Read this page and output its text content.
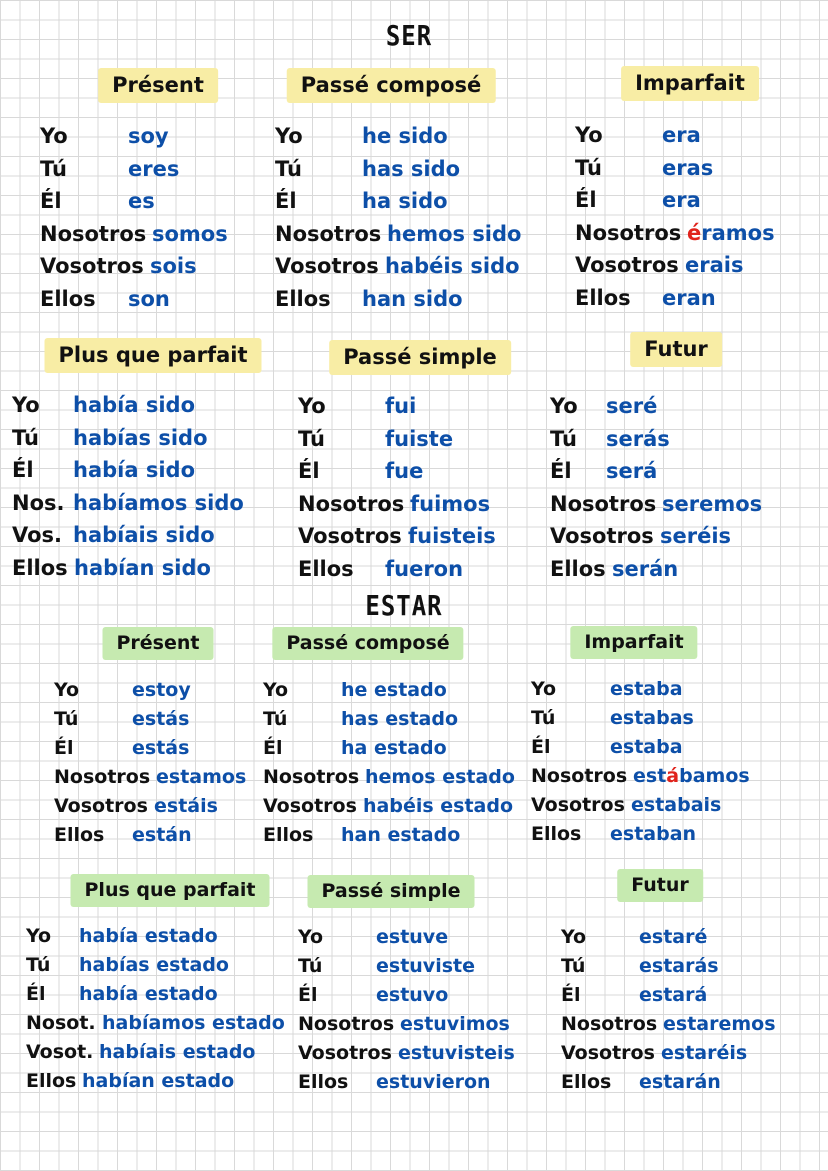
SER
Présent
Yo	soy
Tú	eres
Él	es
Nosotros somos
Vosotros sois
Ellos son
Passé composé
Yo	he sido
Tú	has sido
Él	ha sido
Nosotros hemos sido
Vosotros habéis sido
Ellos han sido
Imparfait
Yo	era
Tú	eras
Él	era
Nosotros éramos
Vosotros erais
Ellos eran
Plus que parfait
Yo había sido
Tú habías sido
Él había sido
Nos. habíamos sido
Vos. habíais sido
Ellos habían sido
Passé simple
Yo	fui
Tú	fuiste
Él	fue
Nosotros fuimos
Vosotros fuisteis
Ellos fueron
Futur
Yo seré
Tú serás
Él será
Nosotros seremos
Vosotros seréis
Ellos serán
ESTAR
Présent
Yo	estoy
Tú	estás
Él	estás
Nosotros estamos
Vosotros estáis
Ellos están
Passé composé
Yo	he estado
Tú	has estado
Él	ha estado
Nosotros hemos estado
Vosotros habéis estado
Ellos han estado
Imparfait
Yo	estaba
Tú	estabas
Él	estaba
Nosotros estábamos
Vosotros estabais
Ellos estaban
Plus que parfait
Yo había estado
Tú habías estado
Él había estado
Nosot. habíamos estado
Vosot. habíais estado
Ellos habían estado
Passé simple
Yo	estuve
Tú	estuviste
Él	estuvo
Nosotros estuvimos
Vosotros estuvisteis
Ellos estuvieron
Futur
Yo	estaré
Tú	estarás
Él	estará
Nosotros estaremos
Vosotros estaréis
Ellos estarán
